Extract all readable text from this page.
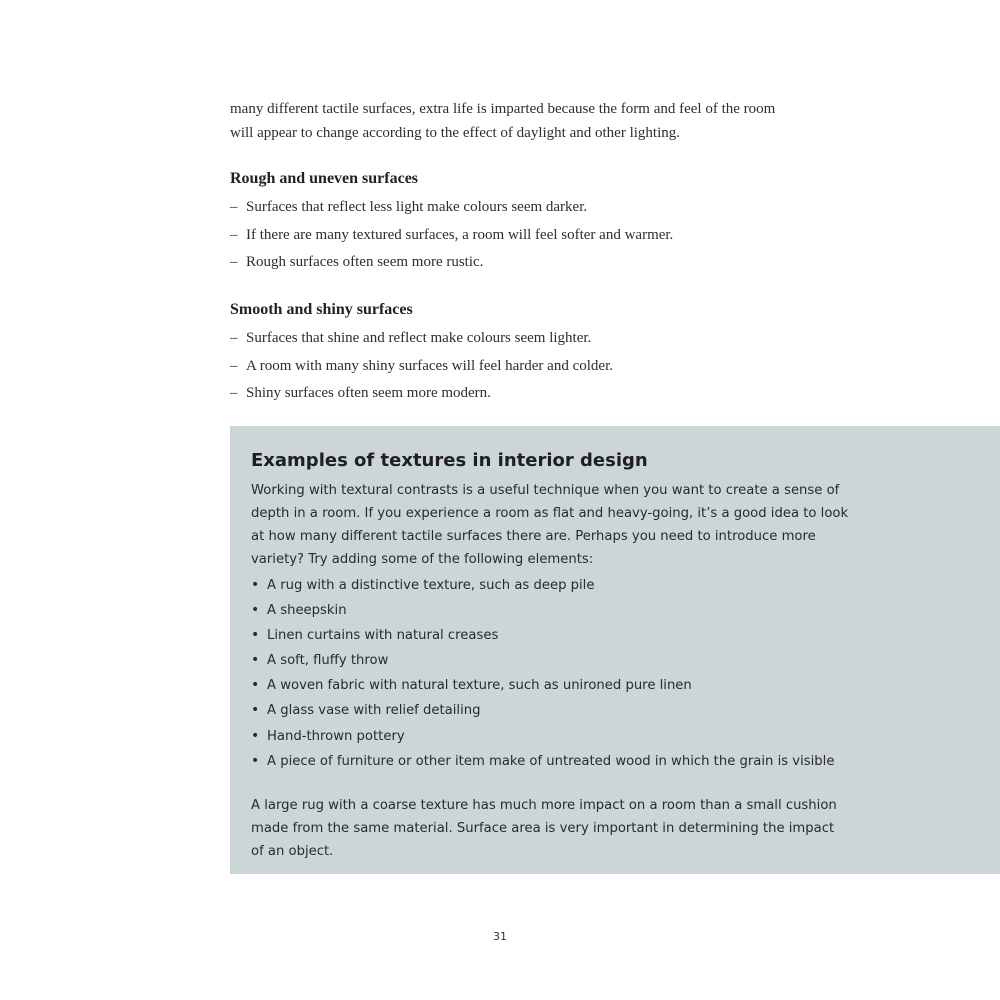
many different tactile surfaces, extra life is imparted because the form and feel of the room will appear to change according to the effect of daylight and other lighting.

Rough and uneven surfaces
– Surfaces that reflect less light make colours seem darker.
– If there are many textured surfaces, a room will feel softer and warmer.
– Rough surfaces often seem more rustic.
Smooth and shiny surfaces
– Surfaces that shine and reflect make colours seem lighter.
– A room with many shiny surfaces will feel harder and colder.
– Shiny surfaces often seem more modern.
Examples of textures in interior design

Working with textural contrasts is a useful technique when you want to create a sense of depth in a room. If you experience a room as flat and heavy-going, it’s a good idea to look at how many different tactile surfaces there are. Perhaps you need to introduce more variety? Try adding some of the following elements:

• A rug with a distinctive texture, such as deep pile
• A sheepskin
• Linen curtains with natural creases
• A soft, fluffy throw
• A woven fabric with natural texture, such as unironed pure linen
• A glass vase with relief detailing
• Hand-thrown pottery
• A piece of furniture or other item make of untreated wood in which the grain is visible

A large rug with a coarse texture has much more impact on a room than a small cushion made from the same material. Surface area is very important in determining the impact of an object.

31
